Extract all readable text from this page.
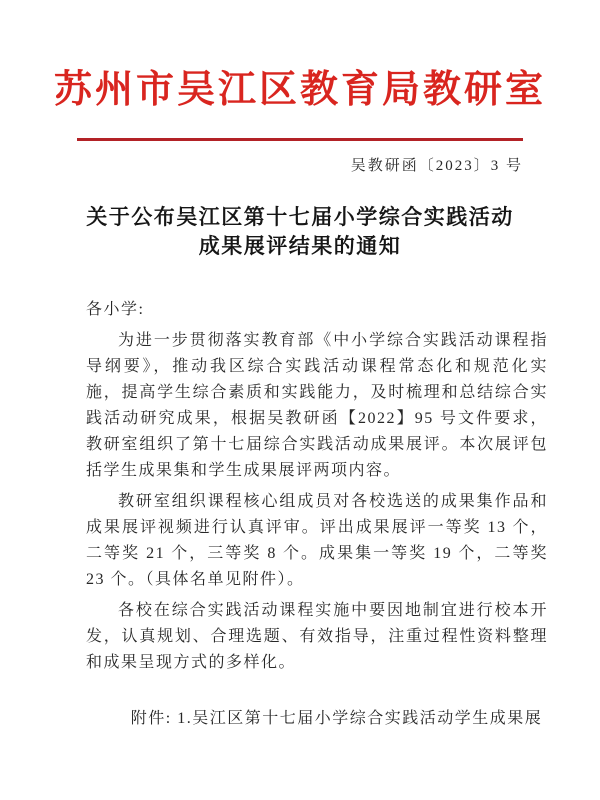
苏州市吴江区教育局教研室
吴教研函〔2023〕3 号
关于公布吴江区第十七届小学综合实践活动
成果展评结果的通知

各小学:

为进一步贯彻落实教育部《中小学综合实践活动课程指导纲要》，推动我区综合实践活动课程常态化和规范化实施，提高学生综合素质和实践能力，及时梳理和总结综合实践活动研究成果，根据吴教研函【2022】95 号文件要求，教研室组织了第十七届综合实践活动成果展评。本次展评包括学生成果集和学生成果展评两项内容。

教研室组织课程核心组成员对各校选送的成果集作品和成果展评视频进行认真评审。评出成果展评一等奖 13 个，二等奖 21 个，三等奖 8 个。成果集一等奖 19 个，二等奖 23 个。（具体名单见附件）。

各校在综合实践活动课程实施中要因地制宜进行校本开发，认真规划、合理选题、有效指导，注重过程性资料整理和成果呈现方式的多样化。

附件: 1.吴江区第十七届小学综合实践活动学生成果展
